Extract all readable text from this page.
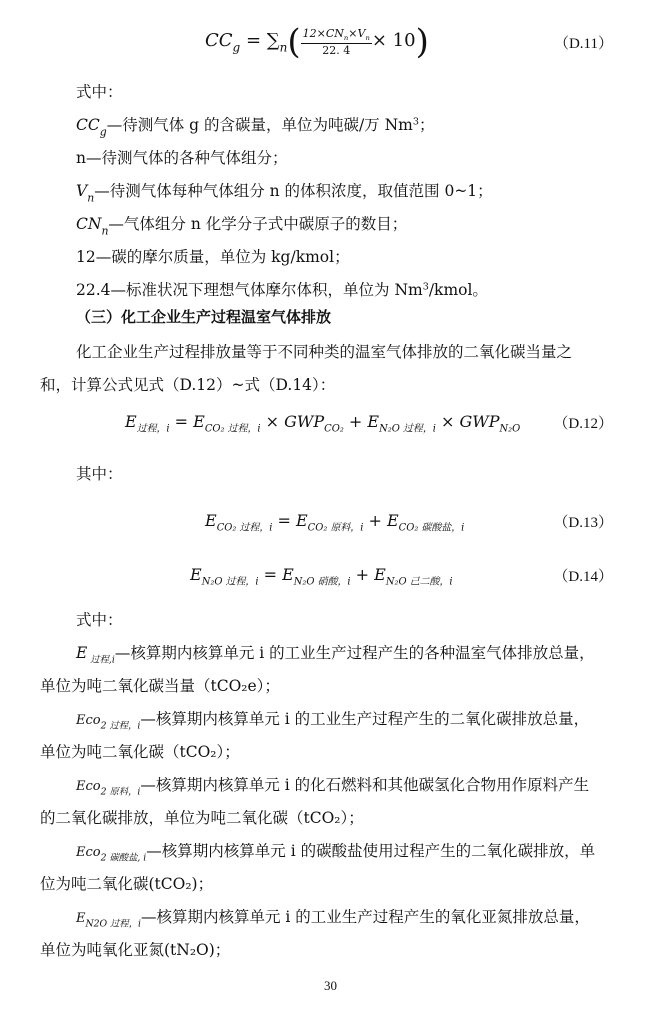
$CC_g = \sum_n( \frac{12\times CN_n\times V_n}{22. 4} \times 10)$	（D.11）
式中：
$CC_g—$待测气体 g 的含碳量，单位为吨碳/万 Nm$^3$；
n—待测气体的各种气体组分；
$V_n—$待测气体每种气体组分 n 的体积浓度，取值范围 0~1；
$CN_n—$气体组分 n 化学分子式中碳原子的数目；
12—碳的摩尔质量，单位为 kg/kmol；
22.4—标准状况下理想气体摩尔体积，单位为 Nm$^3$/kmol。
（三）化工企业生产过程温室气体排放
化工企业生产过程排放量等于不同种类的温室气体排放的二氧化碳当量之
和，计算公式见式（D.12）~式（D.14）：
$E_{过程,i} = E_{CO_2 过程,i} \times GWP_{CO_2} + E_{N_2O 过程,i} \times GWP_{N_2O}$ （D.12）
其中：
$E_{CO_2 过程,i} = E_{CO_2 原料,i} + E_{CO_2 碳酸盐,i}$	（D.13）
$E_{N_2O 过程,i} = E_{N_2O 硝酸,i} + E_{N_2O 己二酸,i}$	（D.14）
式中：
E $_{过程,i}$—核算期内核算单元 i 的工业生产过程产生的各种温室气体排放总量，
单位为吨二氧化碳当量（tCO₂e）；
Eco$_{2 过程,i}$—核算期内核算单元 i 的工业生产过程产生的二氧化碳排放总量，
单位为吨二氧化碳（tCO₂）；
Eco$_{2 原料,i}$—核算期内核算单元 i 的化石燃料和其他碳氢化合物用作原料产生
的二氧化碳排放，单位为吨二氧化碳（tCO₂）；
Eco$_{2 碳酸盐, i}$—核算期内核算单元 i 的碳酸盐使用过程产生的二氧化碳排放，单
位为吨二氧化碳(tCO₂)；
$E_{N2O 过程,i}—$核算期内核算单元 i 的工业生产过程产生的氧化亚氮排放总量，
单位为吨氧化亚氮(tN₂O)；
30
